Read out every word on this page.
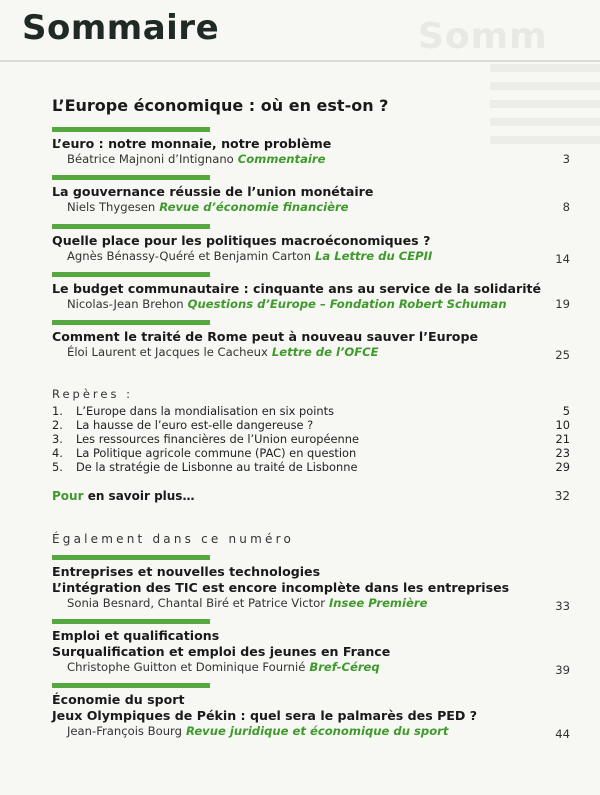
Somm
Sommaire
L’Europe économique : où en est-on ?
L’euro : notre monnaie, notre problème
Béatrice Majnoni d’Intignano Commentaire	3
La gouvernance réussie de l’union monétaire
Niels Thygesen Revue d’économie financière	8
Quelle place pour les politiques macroéconomiques ?
Agnès Bénassy-Quéré et Benjamin Carton La Lettre du CEPII	14
Le budget communautaire : cinquante ans au service de la solidarité
Nicolas-Jean Brehon Questions d’Europe – Fondation Robert Schuman	19
Comment le traité de Rome peut à nouveau sauver l’Europe
Éloi Laurent et Jacques le Cacheux Lettre de l’OFCE	25
Repères :
1. L’Europe dans la mondialisation en six points	5
2. La hausse de l’euro est-elle dangereuse ?	10
3. Les ressources financières de l’Union européenne	21
4. La Politique agricole commune (PAC) en question	23
5. De la stratégie de Lisbonne au traité de Lisbonne	29
Pour en savoir plus…	32
Également dans ce numéro
Entreprises et nouvelles technologies
L’intégration des TIC est encore incomplète dans les entreprises
Sonia Besnard, Chantal Biré et Patrice Victor Insee Première	33
Emploi et qualifications
Surqualification et emploi des jeunes en France
Christophe Guitton et Dominique Fournié Bref-Céreq	39
Économie du sport
Jeux Olympiques de Pékin : quel sera le palmarès des PED ?
Jean-François Bourg Revue juridique et économique du sport	44
